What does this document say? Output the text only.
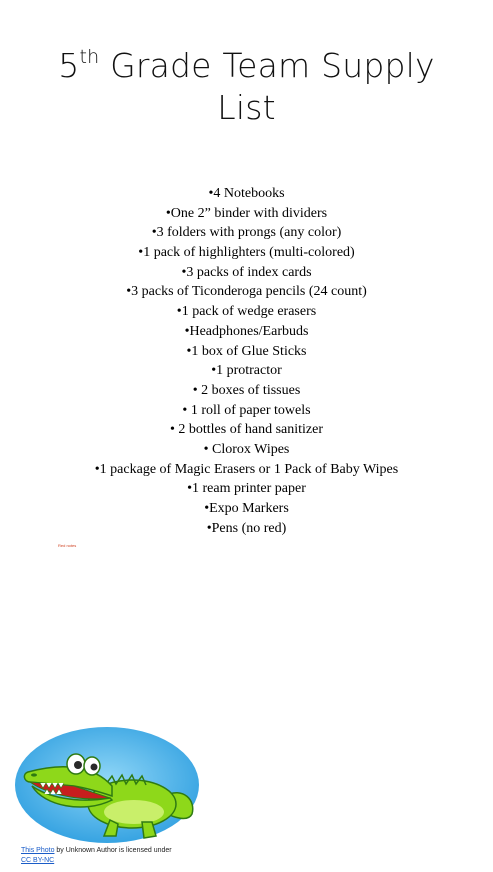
5th Grade Team Supply
List
•4 Notebooks
•One 2” binder with dividers
•3 folders with prongs (any color)
•1 pack of highlighters (multi-colored)
•3 packs of index cards
•3 packs of Ticonderoga pencils (24 count)
•1 pack of wedge erasers
•Headphones/Earbuds
•1 box of Glue Sticks
•1 protractor
• 2 boxes of tissues
• 1 roll of paper towels
• 2 bottles of hand sanitizer
• Clorox Wipes
•1 package of Magic Erasers or 1 Pack of Baby Wipes
•1 ream printer paper
•Expo Markers
•Pens (no red)
Red notes
This Photo by Unknown Author is licensed under
CC BY-NC
